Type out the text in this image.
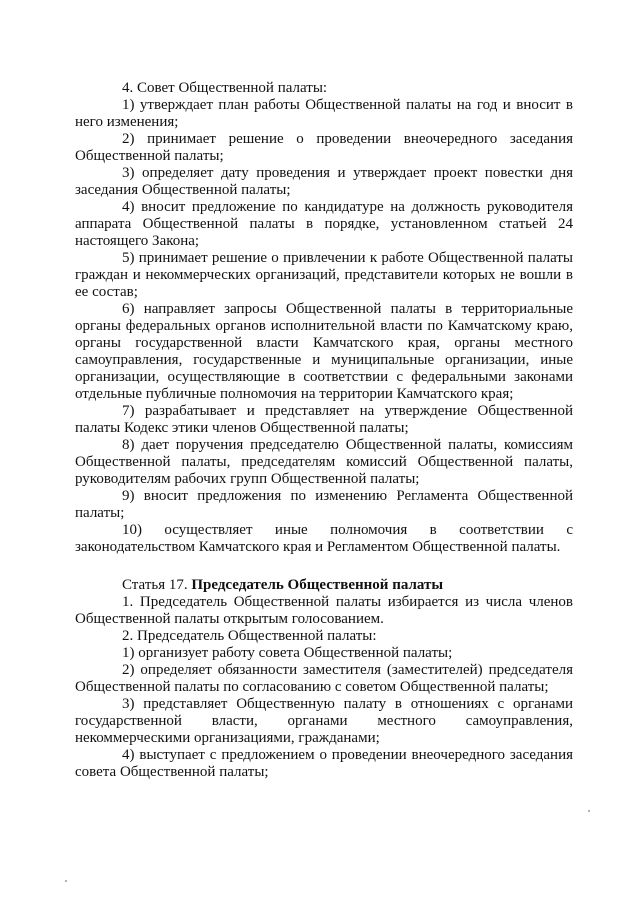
4. Совет Общественной палаты:

1) утверждает план работы Общественной палаты на год и вносит в него изменения;

2) принимает решение о проведении внеочередного заседания Общественной палаты;

3) определяет дату проведения и утверждает проект повестки дня заседания Общественной палаты;

4) вносит предложение по кандидатуре на должность руководителя аппарата Общественной палаты в порядке, установленном статьей 24 настоящего Закона;

5) принимает решение о привлечении к работе Общественной палаты граждан и некоммерческих организаций, представители которых не вошли в ее состав;

6) направляет запросы Общественной палаты в территориальные органы федеральных органов исполнительной власти по Камчатскому краю, органы государственной власти Камчатского края, органы местного самоуправления, государственные и муниципальные организации, иные организации, осуществляющие в соответствии с федеральными законами отдельные публичные полномочия на территории Камчатского края;

7) разрабатывает и представляет на утверждение Общественной палаты Кодекс этики членов Общественной палаты;

8) дает поручения председателю Общественной палаты, комиссиям Общественной палаты, председателям комиссий Общественной палаты, руководителям рабочих групп Общественной палаты;

9) вносит предложения по изменению Регламента Общественной палаты;

10) осуществляет иные полномочия в соответствии с законодательством Камчатского края и Регламентом Общественной палаты.

Статья 17. Председатель Общественной палаты

1. Председатель Общественной палаты избирается из числа членов Общественной палаты открытым голосованием.

2. Председатель Общественной палаты:

1) организует работу совета Общественной палаты;

2) определяет обязанности заместителя (заместителей) председателя Общественной палаты по согласованию с советом Общественной палаты;

3) представляет Общественную палату в отношениях с органами государственной власти, органами местного самоуправления, некоммерческими организациями, гражданами;

4) выступает с предложением о проведении внеочередного заседания совета Общественной палаты;
